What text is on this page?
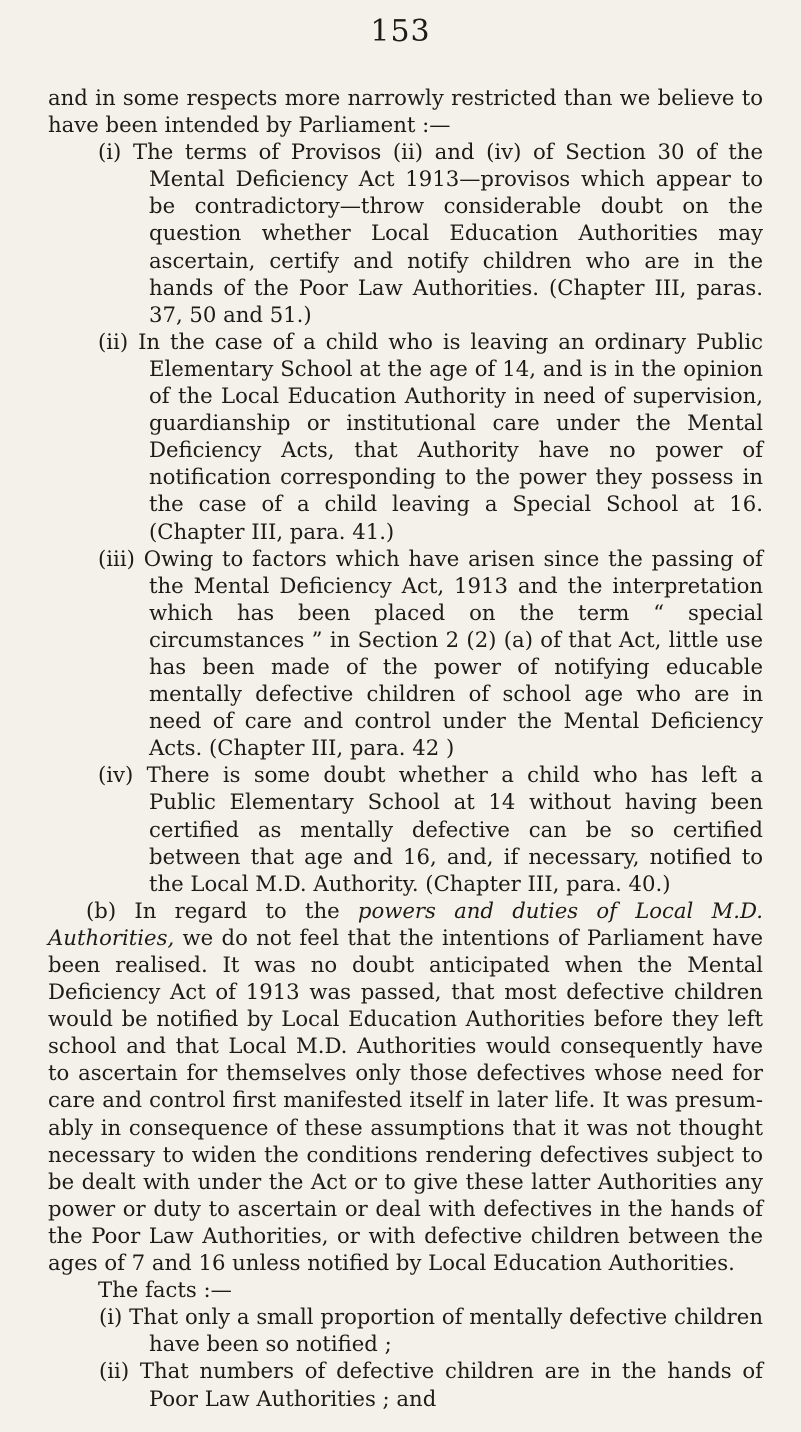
153

and in some respects more narrowly restricted than we believe to have been intended by Parliament :—

(i) The terms of Provisos (ii) and (iv) of Section 30 of the Mental Deficiency Act 1913—provisos which appear to be contradictory—throw considerable doubt on the question whether Local Education Authorities may ascertain, certify and notify children who are in the hands of the Poor Law Authorities. (Chapter III, paras. 37, 50 and 51.)

(ii) In the case of a child who is leaving an ordinary Public Elementary School at the age of 14, and is in the opinion of the Local Education Authority in need of supervision, guardianship or institutional care under the Mental Deficiency Acts, that Authority have no power of notification corresponding to the power they possess in the case of a child leaving a Special School at 16. (Chapter III, para. 41.)

(iii) Owing to factors which have arisen since the passing of the Mental Deficiency Act, 1913 and the interpretation which has been placed on the term “ special circumstances ” in Section 2 (2) (a) of that Act, little use has been made of the power of notifying educable mentally defective children of school age who are in need of care and control under the Mental Deficiency Acts. (Chapter III, para. 42 )

(iv) There is some doubt whether a child who has left a Public Elementary School at 14 without having been certified as mentally defective can be so certified between that age and 16, and, if necessary, notified to the Local M.D. Authority. (Chapter III, para. 40.)

(b) In regard to the powers and duties of Local M.D. Authorities, we do not feel that the intentions of Parliament have been realised. It was no doubt anticipated when the Mental Deficiency Act of 1913 was passed, that most defective children would be notified by Local Education Authorities before they left school and that Local M.D. Authorities would consequently have to ascertain for themselves only those defectives whose need for care and control first manifested itself in later life. It was presum-ably in consequence of these assumptions that it was not thought necessary to widen the conditions rendering defectives subject to be dealt with under the Act or to give these latter Authorities any power or duty to ascertain or deal with defectives in the hands of the Poor Law Authorities, or with defective children between the ages of 7 and 16 unless notified by Local Education Authorities.

The facts :—

(i) That only a small proportion of mentally defective children have been so notified ;

(ii) That numbers of defective children are in the hands of Poor Law Authorities ; and
